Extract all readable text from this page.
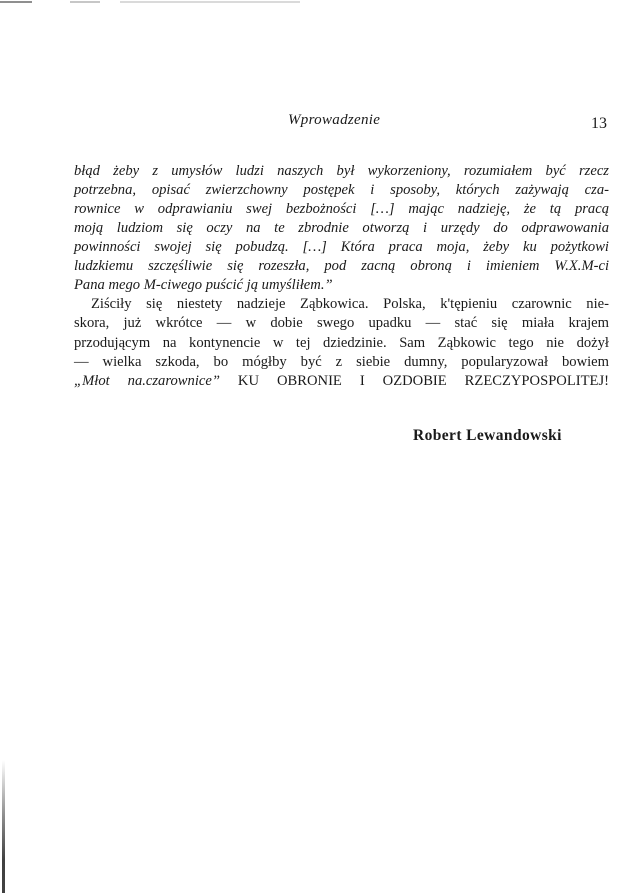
Wprowadzenie	13
błąd żeby z umysłów ludzi naszych był wykorzeniony, rozumiałem być rzecz
potrzebna, opisać zwierzchowny postępek i sposoby, których zażywają cza-
rownice w odprawianiu swej bezbożności […] mając nadzieję, że tą pracą
moją ludziom się oczy na te zbrodnie otworzą i urzędy do odprawowania
powinności swojej się pobudzą. […] Która praca moja, żeby ku pożytkowi
ludzkiemu szczęśliwie się rozeszła, pod zacną obroną i imieniem W.X.M-ci
Pana mego M-ciwego puścić ją umyśliłem.”
Ziściły się niestety nadzieje Ząbkowica. Polska, k'tępieniu czarownic nie-
skora, już wkrótce — w dobie swego upadku — stać się miała krajem
przodującym na kontynencie w tej dziedzinie. Sam Ząbkowic tego nie dożył
— wielka szkoda, bo mógłby być z siebie dumny, popularyzował bowiem
„Młot na.czarownice” KU OBRONIE I OZDOBIE RZECZYPOSPOLITEJ!
Robert Lewandowski
